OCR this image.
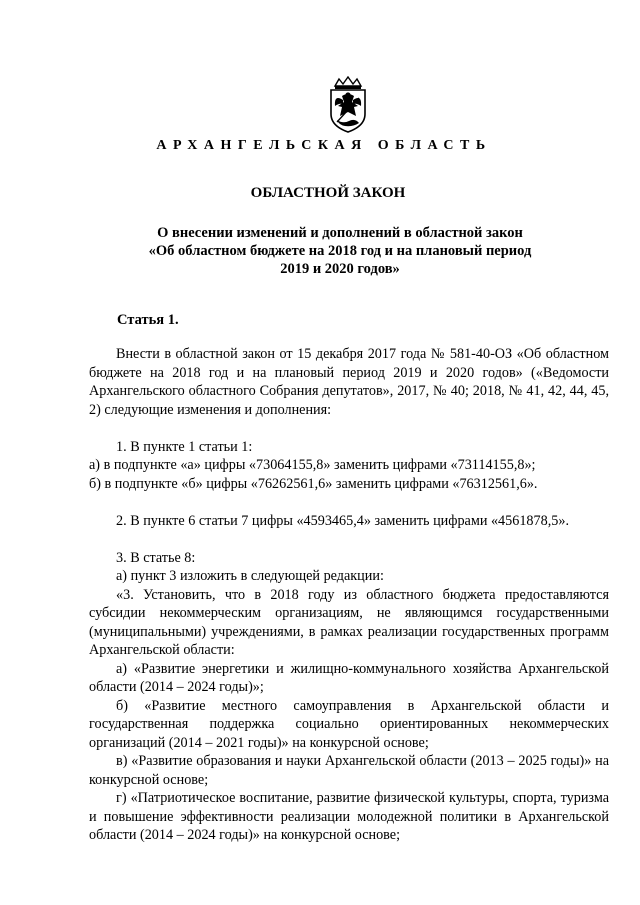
АРХАНГЕЛЬСКАЯ ОБЛАСТЬ
ОБЛАСТНОЙ ЗАКОН
О внесении изменений и дополнений в областной закон
«Об областном бюджете на 2018 год и на плановый период
2019 и 2020 годов»
Статья 1.

Внести в областной закон от 15 декабря 2017 года № 581-40-ОЗ «Об областном бюджете на 2018 год и на плановый период 2019 и 2020 годов» («Ведомости Архангельского областного Собрания депутатов», 2017, № 40; 2018, № 41, 42, 44, 45, 2) следующие изменения и дополнения:

1. В пункте 1 статьи 1:

а) в подпункте «а» цифры «73064155,8» заменить цифрами «73114155,8»;

б) в подпункте «б» цифры «76262561,6» заменить цифрами «76312561,6».

2. В пункте 6 статьи 7 цифры «4593465,4» заменить цифрами «4561878,5».

3. В статье 8:

а) пункт 3 изложить в следующей редакции:

«3. Установить, что в 2018 году из областного бюджета предоставляются субсидии некоммерческим организациям, не являющимся государственными (муниципальными) учреждениями, в рамках реализации государственных программ Архангельской области:

а) «Развитие энергетики и жилищно-коммунального хозяйства Архангельской области (2014 – 2024 годы)»;

б) «Развитие местного самоуправления в Архангельской области и государственная поддержка социально ориентированных некоммерческих организаций (2014 – 2021 годы)» на конкурсной основе;

в) «Развитие образования и науки Архангельской области (2013 – 2025 годы)» на конкурсной основе;

г) «Патриотическое воспитание, развитие физической культуры, спорта, туризма и повышение эффективности реализации молодежной политики в Архангельской области (2014 – 2024 годы)» на конкурсной основе;
